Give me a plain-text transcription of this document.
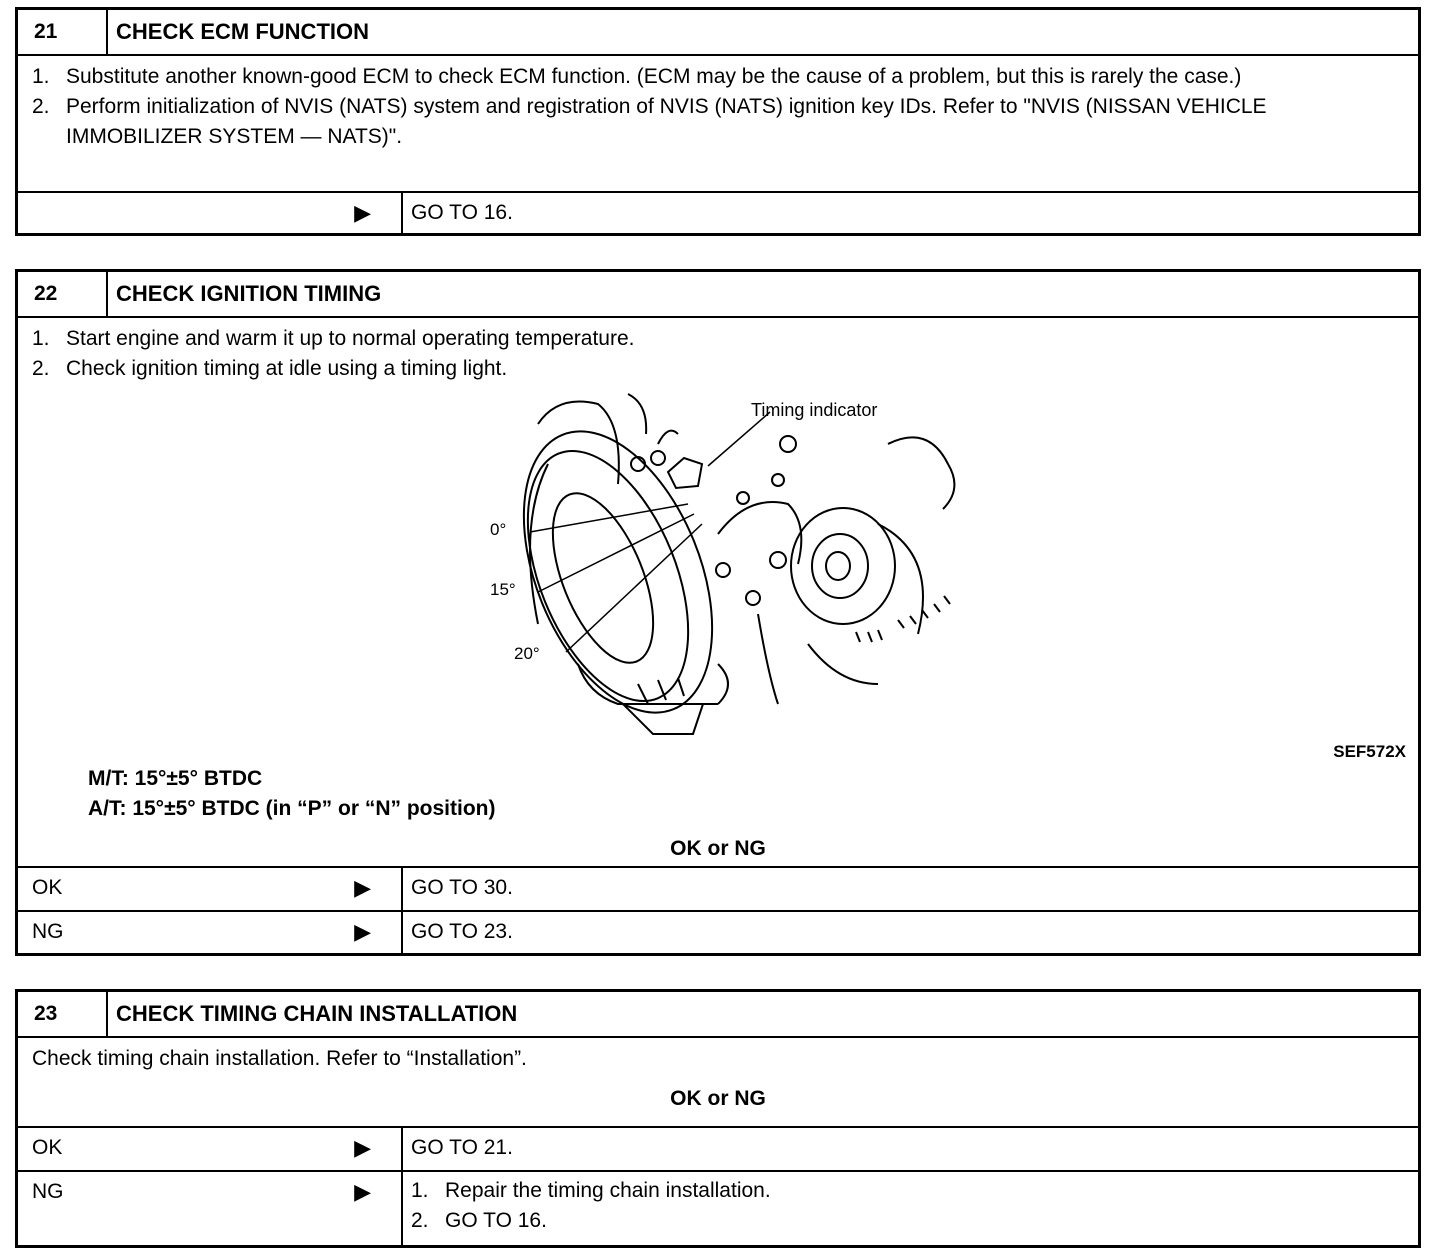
21	CHECK ECM FUNCTION
1. Substitute another known-good ECM to check ECM function. (ECM may be the cause of a problem, but this is rarely the case.)
2. Perform initialization of NVIS (NATS) system and registration of NVIS (NATS) ignition key IDs. Refer to "NVIS (NISSAN VEHICLE IMMOBILIZER SYSTEM — NATS)".
▶	GO TO 16.
22	CHECK IGNITION TIMING
1. Start engine and warm it up to normal operating temperature.
2. Check ignition timing at idle using a timing light.
Timing indicator
0°
15°
20°
SEF572X
M/T: 15°±5° BTDC
A/T: 15°±5° BTDC (in “P” or “N” position)
OK or NG
OK	▶	GO TO 30.
NG	▶	GO TO 23.
23	CHECK TIMING CHAIN INSTALLATION
Check timing chain installation. Refer to “Installation”.
OK or NG
OK	▶	GO TO 21.
NG	▶ 1. Repair the timing chain installation.
2. GO TO 16.
